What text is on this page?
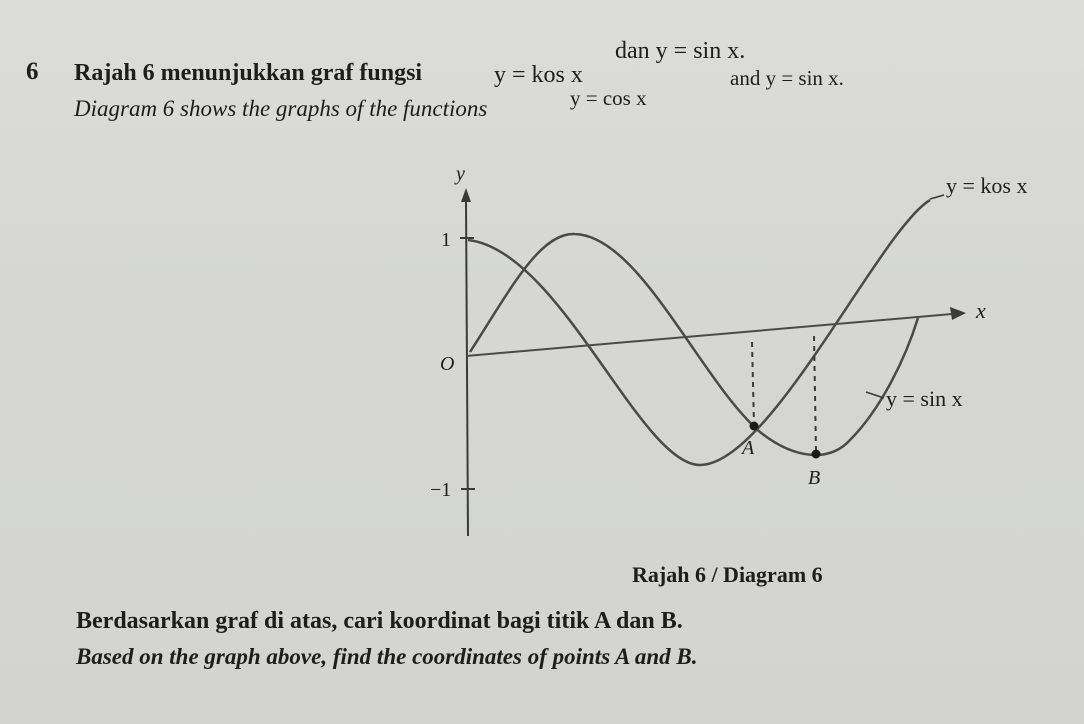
6 Rajah 6 menunjukkan graf fungsi	y = kos x
dan y = sin x.
Diagram 6 shows the graphs of the functions	y = cos x
and y = sin x.
y
x
O
1
−1
y = kos x
y = sin x
A
B
Rajah 6 / Diagram 6
Berdasarkan graf di atas, cari koordinat bagi titik A dan B.
Based on the graph above, find the coordinates of points A and B.
